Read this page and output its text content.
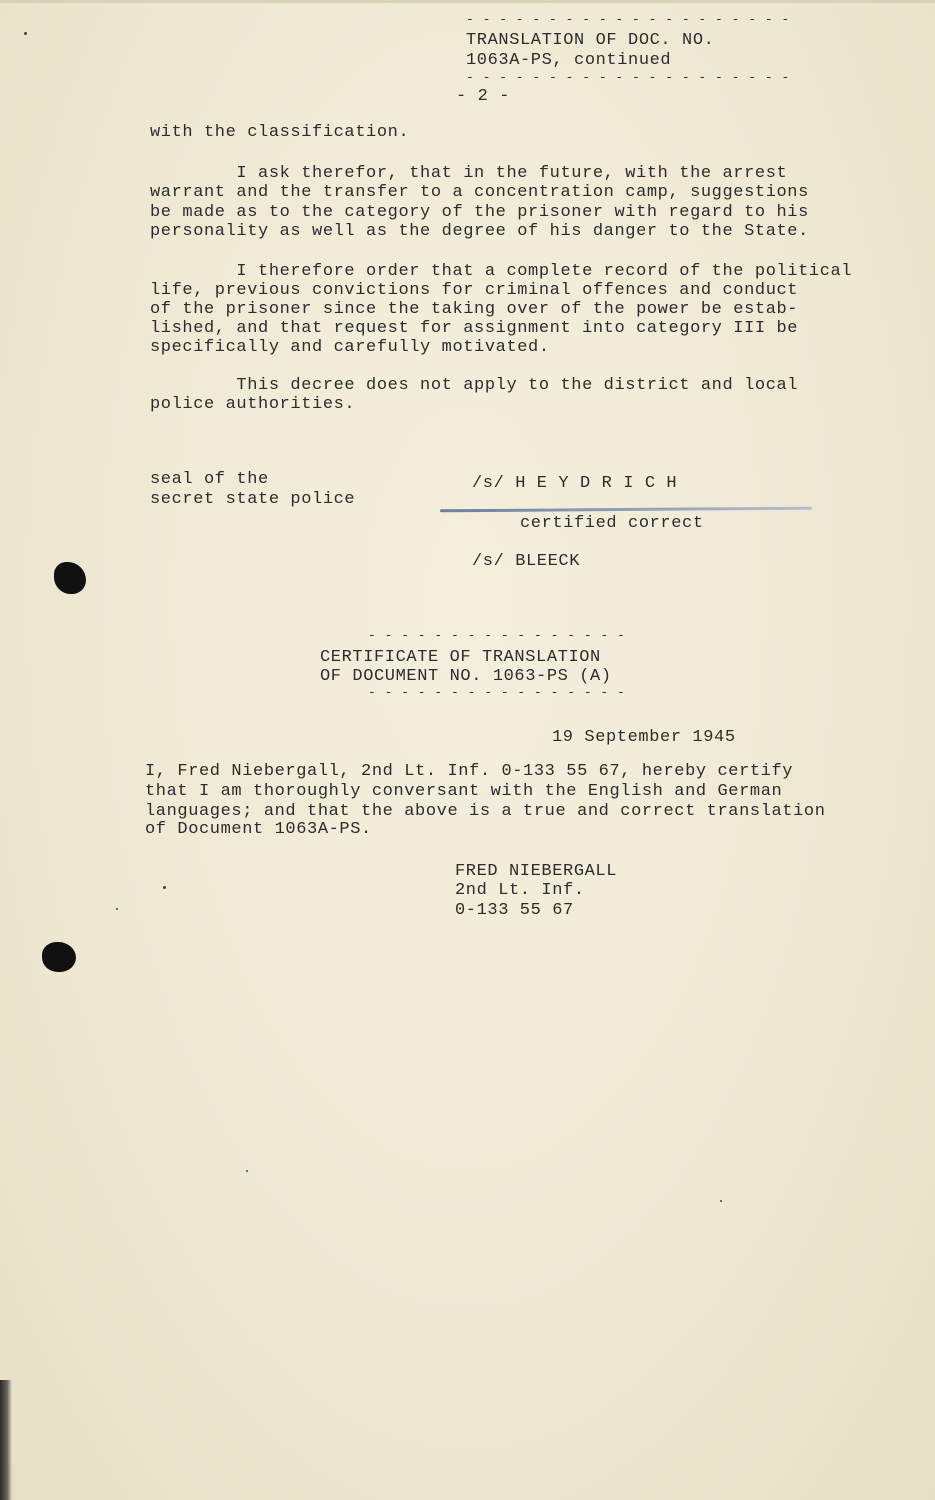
- - - - - - - - - - - - - - - - - - - -
TRANSLATION OF DOC. NO.
1063A-PS, continued
- - - - - - - - - - - - - - - - - - - -
- 2 -
with the classification.
I ask therefor, that in the future, with the arrest
warrant and the transfer to a concentration camp, suggestions
be made as to the category of the prisoner with regard to his
personality as well as the degree of his danger to the State.
I therefore order that a complete record of the political
life, previous convictions for criminal offences and conduct
of the prisoner since the taking over of the power be estab-
lished, and that request for assignment into category III be
specifically and carefully motivated.
This decree does not apply to the district and local
police authorities.
seal of the
secret state police
/s/ H E Y D R I C H
certified correct
/s/ BLEECK
- - - - - - - - - - - - - - - -
CERTIFICATE OF TRANSLATION
OF DOCUMENT NO. 1063-PS (A)
- - - - - - - - - - - - - - - -
19 September 1945
I, Fred Niebergall, 2nd Lt. Inf. 0-133 55 67, hereby certify
that I am thoroughly conversant with the English and German
languages; and that the above is a true and correct translation
of Document 1063A-PS.
FRED NIEBERGALL
2nd Lt. Inf.
0-133 55 67
